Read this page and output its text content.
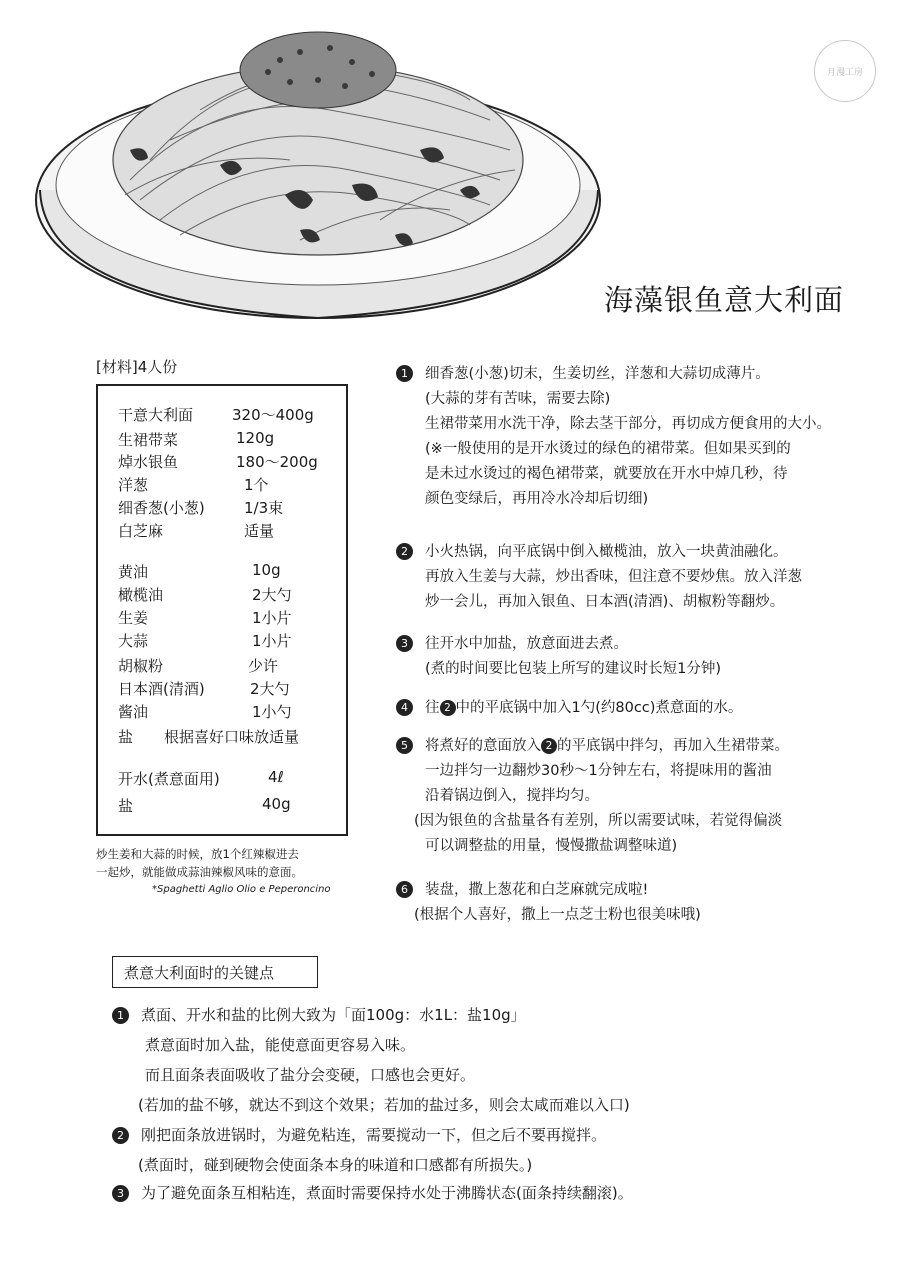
月漫工房
海藻银鱼意大利面
[材料]4人份
干意大利面	320～400g
生裙带菜	120g
焯水银鱼	180～200g
洋葱	1个
细香葱(小葱)	1/3束
白芝麻	适量
黄油	10g
橄榄油	2大勺
生姜	1小片
大蒜	1小片
胡椒粉	少许
日本酒(清酒)	2大勺
酱油	1小勺
盐 根据喜好口味放适量
开水(煮意面用)	4ℓ
盐	40g
炒生姜和大蒜的时候，放1个红辣椒进去
一起炒，就能做成蒜油辣椒风味的意面。
*Spaghetti Aglio Olio e Peperoncino
1 细香葱(小葱)切末，生姜切丝，洋葱和大蒜切成薄片。
(大蒜的芽有苦味，需要去除)
生裙带菜用水洗干净，除去茎干部分，再切成方便食用的大小。
(※一般使用的是开水烫过的绿色的裙带菜。但如果买到的
是未过水烫过的褐色裙带菜，就要放在开水中焯几秒，待
颜色变绿后，再用冷水冷却后切细)
2 小火热锅，向平底锅中倒入橄榄油，放入一块黄油融化。
再放入生姜与大蒜，炒出香味，但注意不要炒焦。放入洋葱
炒一会儿，再加入银鱼、日本酒(清酒)、胡椒粉等翻炒。
3 往开水中加盐，放意面进去煮。
(煮的时间要比包装上所写的建议时长短1分钟)
4 往 2 中的平底锅中加入1勺(约80cc)煮意面的水。
5 将煮好的意面放入 2 的平底锅中拌匀，再加入生裙带菜。
一边拌匀一边翻炒30秒～1分钟左右，将提味用的酱油
沿着锅边倒入，搅拌均匀。
(因为银鱼的含盐量各有差别，所以需要试味，若觉得偏淡
可以调整盐的用量，慢慢撒盐调整味道)
6 装盘，撒上葱花和白芝麻就完成啦!
(根据个人喜好，撒上一点芝士粉也很美味哦)
煮意大利面时的关键点
1 煮面、开水和盐的比例大致为「面100g：水1L：盐10g」
煮意面时加入盐，能使意面更容易入味。
而且面条表面吸收了盐分会变硬，口感也会更好。
(若加的盐不够，就达不到这个效果；若加的盐过多，则会太咸而难以入口)
2 刚把面条放进锅时，为避免粘连，需要搅动一下，但之后不要再搅拌。
(煮面时，碰到硬物会使面条本身的味道和口感都有所损失。)
3 为了避免面条互相粘连，煮面时需要保持水处于沸腾状态(面条持续翻滚)。
